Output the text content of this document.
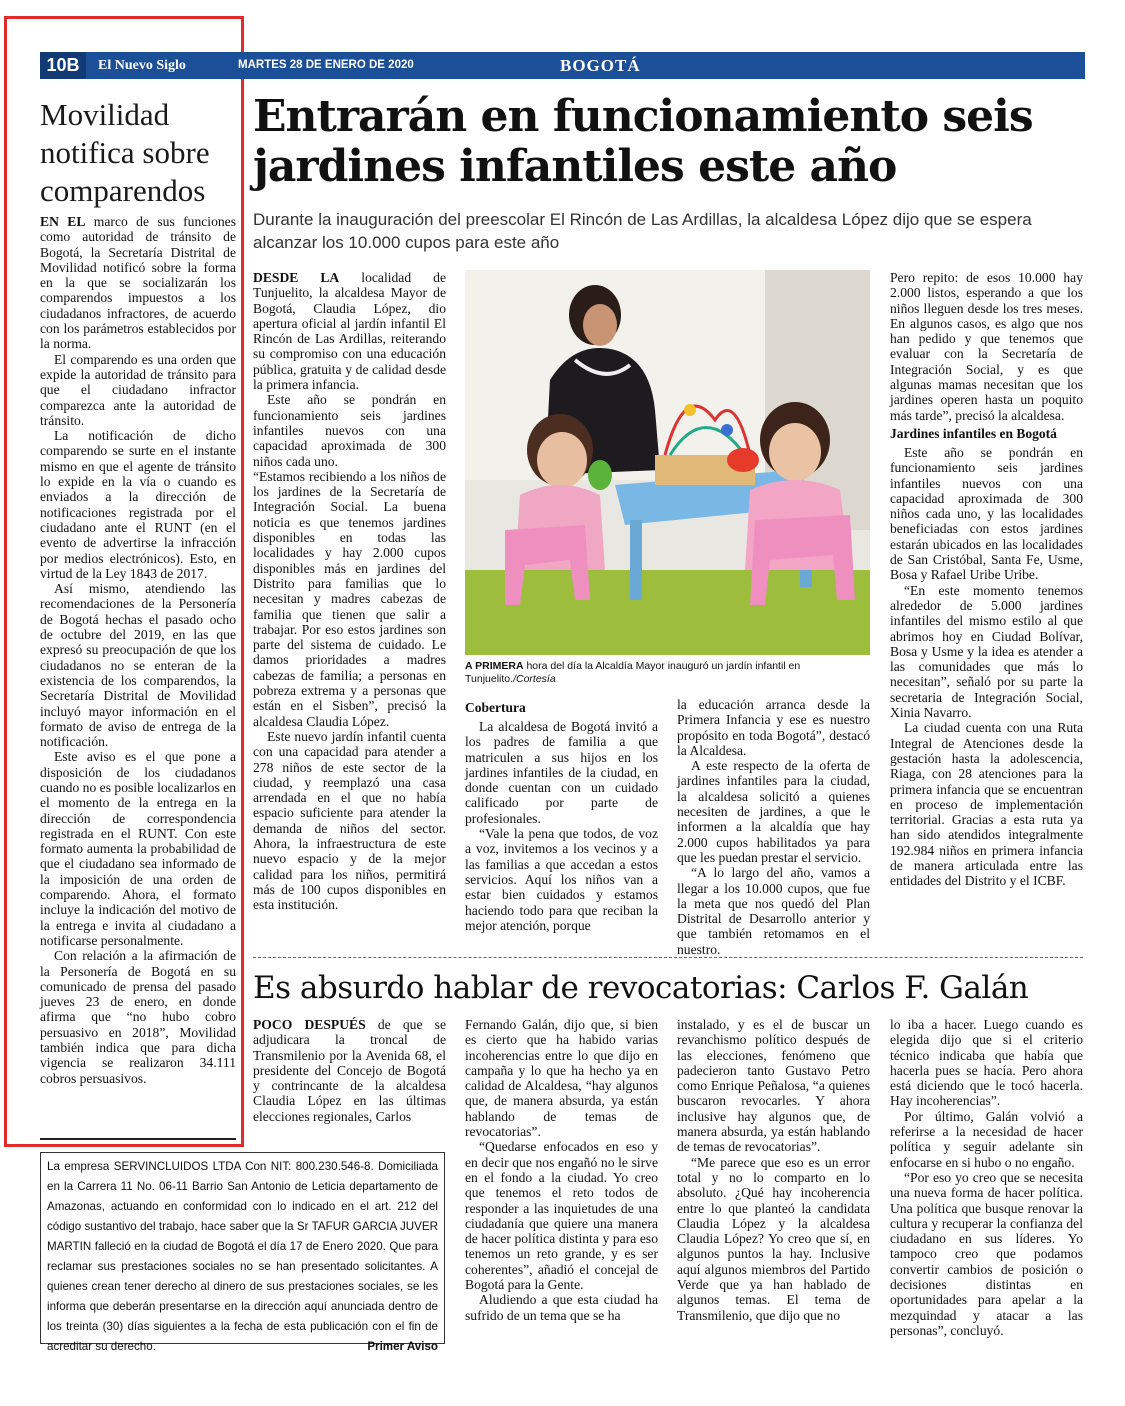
10B	El Nuevo Siglo	MARTES 28 DE ENERO DE 2020	BOGOTÁ
Movilidad notifica sobre comparendos

EN EL marco de sus funciones como autoridad de tránsito de Bogotá, la Secretaría Distrital de Movilidad notificó sobre la forma en la que se socializarán los comparendos impuestos a los ciudadanos infractores, de acuerdo con los parámetros establecidos por la norma.

El comparendo es una orden que expide la autoridad de tránsito para que el ciudadano infractor comparezca ante la autoridad de tránsito.

La notificación de dicho comparendo se surte en el instante mismo en que el agente de tránsito lo expide en la vía o cuando es enviados a la dirección de notificaciones registrada por el ciudadano ante el RUNT (en el evento de advertirse la infracción por medios electrónicos). Esto, en virtud de la Ley 1843 de 2017.

Así mismo, atendiendo las recomendaciones de la Personería de Bogotá hechas el pasado ocho de octubre del 2019, en las que expresó su preocupación de que los ciudadanos no se enteran de la existencia de los comparendos, la Secretaría Distrital de Movilidad incluyó mayor información en el formato de aviso de entrega de la notificación.

Este aviso es el que pone a disposición de los ciudadanos cuando no es posible localizarlos en el momento de la entrega en la dirección de correspondencia registrada en el RUNT. Con este formato aumenta la probabilidad de que el ciudadano sea informado de la imposición de una orden de comparendo. Ahora, el formato incluye la indicación del motivo de la entrega e invita al ciudadano a notificarse personalmente.

Con relación a la afirmación de la Personería de Bogotá en su comunicado de prensa del pasado jueves 23 de enero, en donde afirma que “no hubo cobro persuasivo en 2018”, Movilidad también indica que para dicha vigencia se realizaron 34.111 cobros persuasivos.

Entrarán en funcionamiento seis jardines infantiles este año
Durante la inauguración del preescolar El Rincón de Las Ardillas, la alcaldesa López dijo que se espera alcanzar los 10.000 cupos para este año

DESDE LA localidad de Tunjuelito, la alcaldesa Mayor de Bogotá, Claudia López, dio apertura oficial al jardín infantil El Rincón de Las Ardillas, reiterando su compromiso con una educación pública, gratuita y de calidad desde la primera infancia.

Este año se pondrán en funcionamiento seis jardines infantiles nuevos con una capacidad aproximada de 300 niños cada uno.

“Estamos recibiendo a los niños de los jardines de la Secretaría de Integración Social. La buena noticia es que tenemos jardines disponibles en todas las localidades y hay 2.000 cupos disponibles más en jardines del Distrito para familias que lo necesitan y madres cabezas de familia que tienen que salir a trabajar. Por eso estos jardines son parte del sistema de cuidado. Le damos prioridades a madres cabezas de familia; a personas en pobreza extrema y a personas que están en el Sisben”, precisó la alcaldesa Claudia López.

Este nuevo jardín infantil cuenta con una capacidad para atender a 278 niños de este sector de la ciudad, y reemplazó una casa arrendada en el que no había espacio suficiente para atender la demanda de niños del sector. Ahora, la infraestructura de este nuevo espacio y de la mejor calidad para los niños, permitirá más de 100 cupos disponibles en esta institución.

A PRIMERA hora del día la Alcaldía Mayor inauguró un jardín infantil en Tunjuelito./Cortesía
Cobertura

La alcaldesa de Bogotá invitó a los padres de familia a que matriculen a sus hijos en los jardines infantiles de la ciudad, en donde cuentan con un cuidado calificado por parte de profesionales.

“Vale la pena que todos, de voz a voz, invitemos a los vecinos y a las familias a que accedan a estos servicios. Aquí los niños van a estar bien cuidados y estamos haciendo todo para que reciban la mejor atención, porque

la educación arranca desde la Primera Infancia y ese es nuestro propósito en toda Bogotá”, destacó la Alcaldesa.

A este respecto de la oferta de jardines infantiles para la ciudad, la alcaldesa solicitó a quienes necesiten de jardines, a que le informen a la alcaldía que hay 2.000 cupos habilitados ya para que les puedan prestar el servicio.

“A lo largo del año, vamos a llegar a los 10.000 cupos, que fue la meta que nos quedó del Plan Distrital de Desarrollo anterior y que también retomamos en el nuestro.

Pero repito: de esos 10.000 hay 2.000 listos, esperando a que los niños lleguen desde los tres meses. En algunos casos, es algo que nos han pedido y que tenemos que evaluar con la Secretaría de Integración Social, y es que algunas mamas necesitan que los jardines operen hasta un poquito más tarde”, precisó la alcaldesa.

Jardines infantiles en Bogotá

Este año se pondrán en funcionamiento seis jardines infantiles nuevos con una capacidad aproximada de 300 niños cada uno, y las localidades beneficiadas con estos jardines estarán ubicados en las localidades de San Cristóbal, Santa Fe, Usme, Bosa y Rafael Uribe Uribe.

“En este momento tenemos alrededor de 5.000 jardines infantiles del mismo estilo al que abrimos hoy en Ciudad Bolívar, Bosa y Usme y la idea es atender a las comunidades que más lo necesitan”, señaló por su parte la secretaria de Integración Social, Xinia Navarro.

La ciudad cuenta con una Ruta Integral de Atenciones desde la gestación hasta la adolescencia, Riaga, con 28 atenciones para la primera infancia que se encuentran en proceso de implementación territorial. Gracias a esta ruta ya han sido atendidos integralmente 192.984 niños en primera infancia de manera articulada entre las entidades del Distrito y el ICBF.

Es absurdo hablar de revocatorias: Carlos F. Galán

POCO DESPUÉS de que se adjudicara la troncal de Transmilenio por la Avenida 68, el presidente del Concejo de Bogotá y contrincante de la alcaldesa Claudia López en las últimas elecciones regionales, Carlos

Fernando Galán, dijo que, si bien es cierto que ha habido varias incoherencias entre lo que dijo en campaña y lo que ha hecho ya en calidad de Alcaldesa, “hay algunos que, de manera absurda, ya están hablando de temas de revocatorias”.

“Quedarse enfocados en eso y en decir que nos engañó no le sirve en el fondo a la ciudad. Yo creo que tenemos el reto todos de responder a las inquietudes de una ciudadanía que quiere una manera de hacer política distinta y para eso tenemos un reto grande, y es ser coherentes”, añadió el concejal de Bogotá para la Gente.

Aludiendo a que esta ciudad ha sufrido de un tema que se ha

instalado, y es el de buscar un revanchismo político después de las elecciones, fenómeno que padecieron tanto Gustavo Petro como Enrique Peñalosa, “a quienes buscaron revocarles. Y ahora inclusive hay algunos que, de manera absurda, ya están hablando de temas de revocatorias”.

“Me parece que eso es un error total y no lo comparto en lo absoluto. ¿Qué hay incoherencia entre lo que planteó la candidata Claudia López y la alcaldesa Claudia López? Yo creo que sí, en algunos puntos la hay. Inclusive aquí algunos miembros del Partido Verde que ya han hablado de algunos temas. El tema de Transmilenio, que dijo que no

lo iba a hacer. Luego cuando es elegida dijo que si el criterio técnico indicaba que había que hacerla pues se hacía. Pero ahora está diciendo que le tocó hacerla. Hay incoherencias”.

Por último, Galán volvió a referirse a la necesidad de hacer política y seguir adelante sin enfocarse en si hubo o no engaño.

“Por eso yo creo que se necesita una nueva forma de hacer política. Una política que busque renovar la cultura y recuperar la confianza del ciudadano en sus líderes. Yo tampoco creo que podamos convertir cambios de posición o decisiones distintas en oportunidades para apelar a la mezquindad y atacar a las personas”, concluyó.

La empresa SERVINCLUIDOS LTDA Con NIT: 800.230.546-8. Domiciliada en la Carrera 11 No. 06-11 Barrio San Antonio de Leticia departamento de Amazonas, actuando en conformidad con lo indicado en el art. 212 del código sustantivo del trabajo, hace saber que la Sr TAFUR GARCIA JUVER MARTIN falleció en la ciudad de Bogotá el día 17 de Enero 2020. Que para reclamar sus prestaciones sociales no se han presentado solicitantes. A quienes crean tener derecho al dinero de sus prestaciones sociales, se les informa que deberán presentarse en la dirección aquí anunciada dentro de los treinta (30) días siguientes a la fecha de esta publicación con el fin de acreditar su derecho.	Primer Aviso
